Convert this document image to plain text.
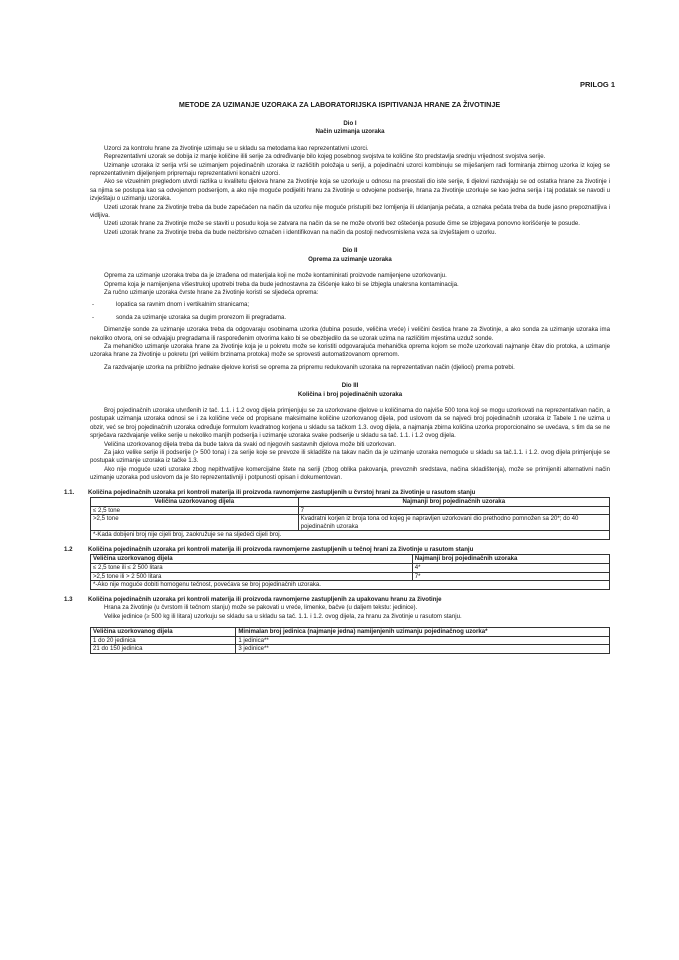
PRILOG 1
METODE ZA UZIMANJE UZORAKA ZA LABORATORIJSKA ISPITIVANJA HRANE ZA ŽIVOTINJE
Dio I
Način uzimanja uzoraka

Uzorci za kontrolu hrane za životinje uzimaju se u skladu sa metodama kao reprezentativni uzorci.

Reprezentativni uzorak se dobija iz manje količine ilili serije za određivanje bilo kojeg posebnog svojstva te količine što predstavlja srednju vrijednost svojstva serije.

Uzimanje uzoraka iz serija vrši se uzimanjem pojedinačnih uzoraka iz različitih položaja u seriji, a pojedinačni uzorci kombinuju se miješanjem radi formiranja zbirnog uzorka iz kojeg se reprezentativnim dijeljenjem pripremaju reprezentativni konačni uzorci.

Ako se vizuelnim pregledom utvrdi razlika u kvalitetu djelova hrane za životinje koja se uzorkuje u odnosu na preostali dio iste serije, ti djelovi razdvajaju se od ostatka hrane za životinje i sa njima se postupa kao sa odvojenom podserijom, a ako nije moguće podijeliti hranu za životinje u odvojene podserije, hrana za životinje uzorkuje se kao jedna serija i taj podatak se navodi u izvještaju o uzimanju uzoraka.

Uzeti uzorak hrane za životinje treba da bude zapečaćen na način da uzorku nije moguće pristupiti bez lomljenja ili uklanjanja pečata, a oznaka pečata treba da bude jasno prepoznatljiva i vidljiva.

Uzeti uzorak hrane za životinje može se staviti u posudu koja se zatvara na način da se ne može otvoriti bez oštećenja posude čime se izbjegava ponovno korišćenje te posude.

Uzeti uzorak hrane za životinje treba da bude neizbrisivo označen i identifikovan na način da postoji nedvosmislena veza sa izvještajem o uzorku.

Dio II
Oprema za uzimanje uzoraka

Oprema za uzimanje uzoraka treba da je izrađena od materijala koji ne može kontaminirati proizvode namijenjene uzorkovanju.

Oprema koja je namijenjena višestrukoj upotrebi treba da bude jednostavna za čišćenje kako bi se izbjegla unakrsna kontaminacija.

Za ručno uzimanje uzoraka čvrste hrane za životinje koristi se sljedeća oprema:

- lopatica sa ravnim dnom i vertikalnim stranicama;
- sonda za uzimanje uzoraka sa dugim prorezom ili pregradama.

Dimenzije sonde za uzimanje uzoraka treba da odgovaraju osobinama uzorka (dubina posude, veličina vreće) i veličini čestica hrane za životinje, a ako sonda za uzimanje uzoraka ima nekoliko otvora, oni se odvajaju pregradama ili raspoređenim otvorima kako bi se obezbjedilo da se uzorak uzima na različitim mjestima uzduž sonde.

Za mehaničko uzimanje uzoraka hrane za životinje koja je u pokretu može se koristiti odgovarajuća mehanička oprema kojom se može uzorkovati najmanje čitav dio protoka, a uzimanje uzoraka hrane za životinje u pokretu (pri velikim brzinama protoka) može se sprovesti automatizovanom opremom.

Za razdvajanje uzorka na približno jednake djelove koristi se oprema za pripremu redukovanih uzoraka na reprezentativan način (djelioci) prema potrebi.

Dio III
Količina i broj pojedinačnih uzoraka

Broj pojedinačnih uzoraka utvrđenih iz tač. 1.1. i 1.2 ovog dijela primjenjuju se za uzorkovane djelove u količinama do najviše 500 tona koji se mogu uzorkovati na reprezentativan način, a postupak uzimanja uzoraka odnosi se i za količine veće od propisane maksimalne količine uzorkovanog dijela, pod uslovom da se najveći broj pojedinačnih uzoraka iz Tabele 1 ne uzima u obzir, već se broj pojedinačnih uzoraka određuje formulom kvadratnog korjena u skladu sa tačkom 1.3. ovog dijela, a najmanja zbirna količina uzorka proporcionalno se uvećava, s tim da se ne sprječava razdvajanje velike serije u nekoliko manjih podserija i uzimanje uzoraka svake podserije u skladu sa tač. 1.1. i 1.2 ovog dijela.

Veličina uzorkovanog dijela treba da bude takva da svaki od njegovih sastavnih djelova može biti uzorkovan.

Za jako velike serije ili podserije (> 500 tona) i za serije koje se prevoze ili skladište na takav način da je uzimanje uzoraka nemoguće u skladu sa tač.1.1. i 1.2. ovog dijela primjenjuje se postupak uzimanje uzoraka iz tačke 1.3.

Ako nije moguće uzeti uzorake zbog nepithvatljive komercijalne štete na seriji (zbog oblika pakovanja, prevoznih sredstava, načina skladištenja), može se primijeniti alternativni način uzimanje uzoraka pod uslovom da je što reprezentativniji i potpunosti opisan i dokumentovan.

1.1. Količina pojedinačnih uzoraka pri kontroli materija ili proizvoda ravnomjerne zastupljenih u čvrstoj hrani za životinje u rasutom stanju
Veličina uzorkovanog dijela	Najmanji broj pojedinačnih uzoraka
≤ 2,5 tone	7
>2,5 tone	Kvadratni korjen iz broja tona od kojeg je napravljen uzorkovani dio prethodno pomnožen sa 20*; do 40 pojedinačnih uzoraka
*-Kada dobijeni broj nije cijeli broj, zaokružuje se na sljedeći cijeli broj.	
1.2	Količina pojedinačnih uzoraka pri kontroli materija ili proizvoda ravnomjerne zastupljenih u tečnoj hrani za životinje u rasutom stanju
Veličina uzorkovanog dijela	Najmanji broj pojedinačnih uzoraka
≤ 2,5 tone ili ≤ 2 500 litara	4*
>2,5 tone ili > 2 500 litara	7*
*-Ako nije moguće dobiti homogenu tečnost, povećava se broj pojedinačnih uzoraka.	
1.3	Količina pojedinačnih uzoraka pri kontroli materija ili proizvoda ravnomjerne zastupljenih za upakovanu hranu za životinje

Hrana za životinje (u čvrstom ili tečnom stanju) može se pakovati u vreće, limenke, bačve (u daljem tekstu: jedinice).

Velike jedinice (≥ 500 kg ili litara) uzorkuju se skladu sa u skladu sa tač. 1.1. i 1.2. ovog dijela, za hranu za životinje u rasutom stanju.

Veličina uzorkovanog dijela	Minimalan broj jedinica (najmanje jedna) namijenjenih uzimanju pojedinačnog uzorka*
1 do 20 jedinica	1 jedinica**
21 do 150 jedinica	3 jedinice**
